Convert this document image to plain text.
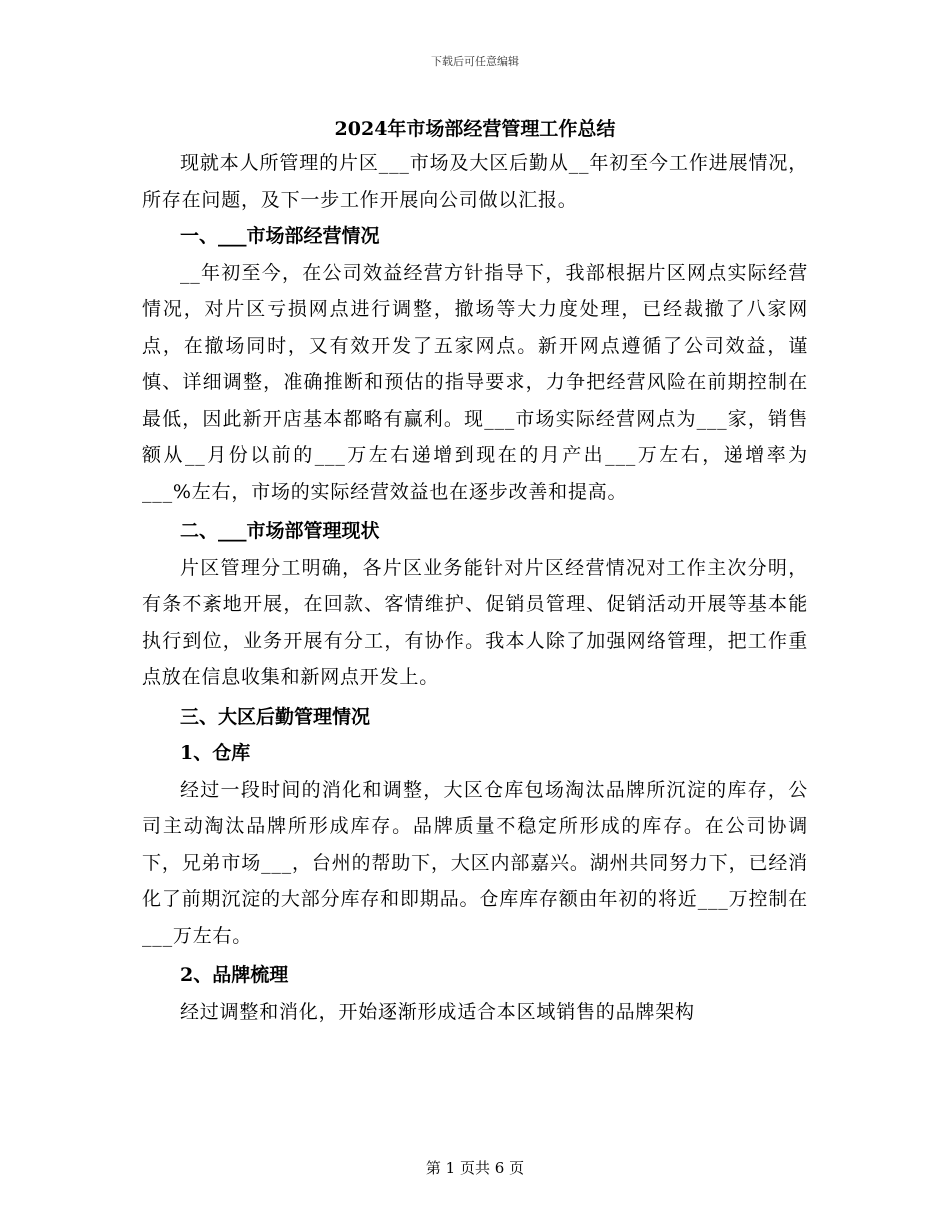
下载后可任意编辑

2024年市场部经营管理工作总结

现就本人所管理的片区___市场及大区后勤从__年初至今工作进展情况，所存在问题，及下一步工作开展向公司做以汇报。

一、___市场部经营情况

__年初至今，在公司效益经营方针指导下，我部根据片区网点实际经营情况，对片区亏损网点进行调整，撤场等大力度处理，已经裁撤了八家网点，在撤场同时，又有效开发了五家网点。新开网点遵循了公司效益，谨慎、详细调整，准确推断和预估的指导要求，力争把经营风险在前期控制在最低，因此新开店基本都略有赢利。现___市场实际经营网点为___家，销售额从__月份以前的___万左右递增到现在的月产出___万左右，递增率为___%左右，市场的实际经营效益也在逐步改善和提高。

二、___市场部管理现状

片区管理分工明确，各片区业务能针对片区经营情况对工作主次分明，有条不紊地开展，在回款、客情维护、促销员管理、促销活动开展等基本能执行到位，业务开展有分工，有协作。我本人除了加强网络管理，把工作重点放在信息收集和新网点开发上。

三、大区后勤管理情况

1、仓库

经过一段时间的消化和调整，大区仓库包场淘汰品牌所沉淀的库存，公司主动淘汰品牌所形成库存。品牌质量不稳定所形成的库存。在公司协调下，兄弟市场___，台州的帮助下，大区内部嘉兴。湖州共同努力下，已经消化了前期沉淀的大部分库存和即期品。仓库库存额由年初的将近___万控制在___万左右。

2、品牌梳理

经过调整和消化，开始逐渐形成适合本区域销售的品牌架构

第 1 页共 6 页
